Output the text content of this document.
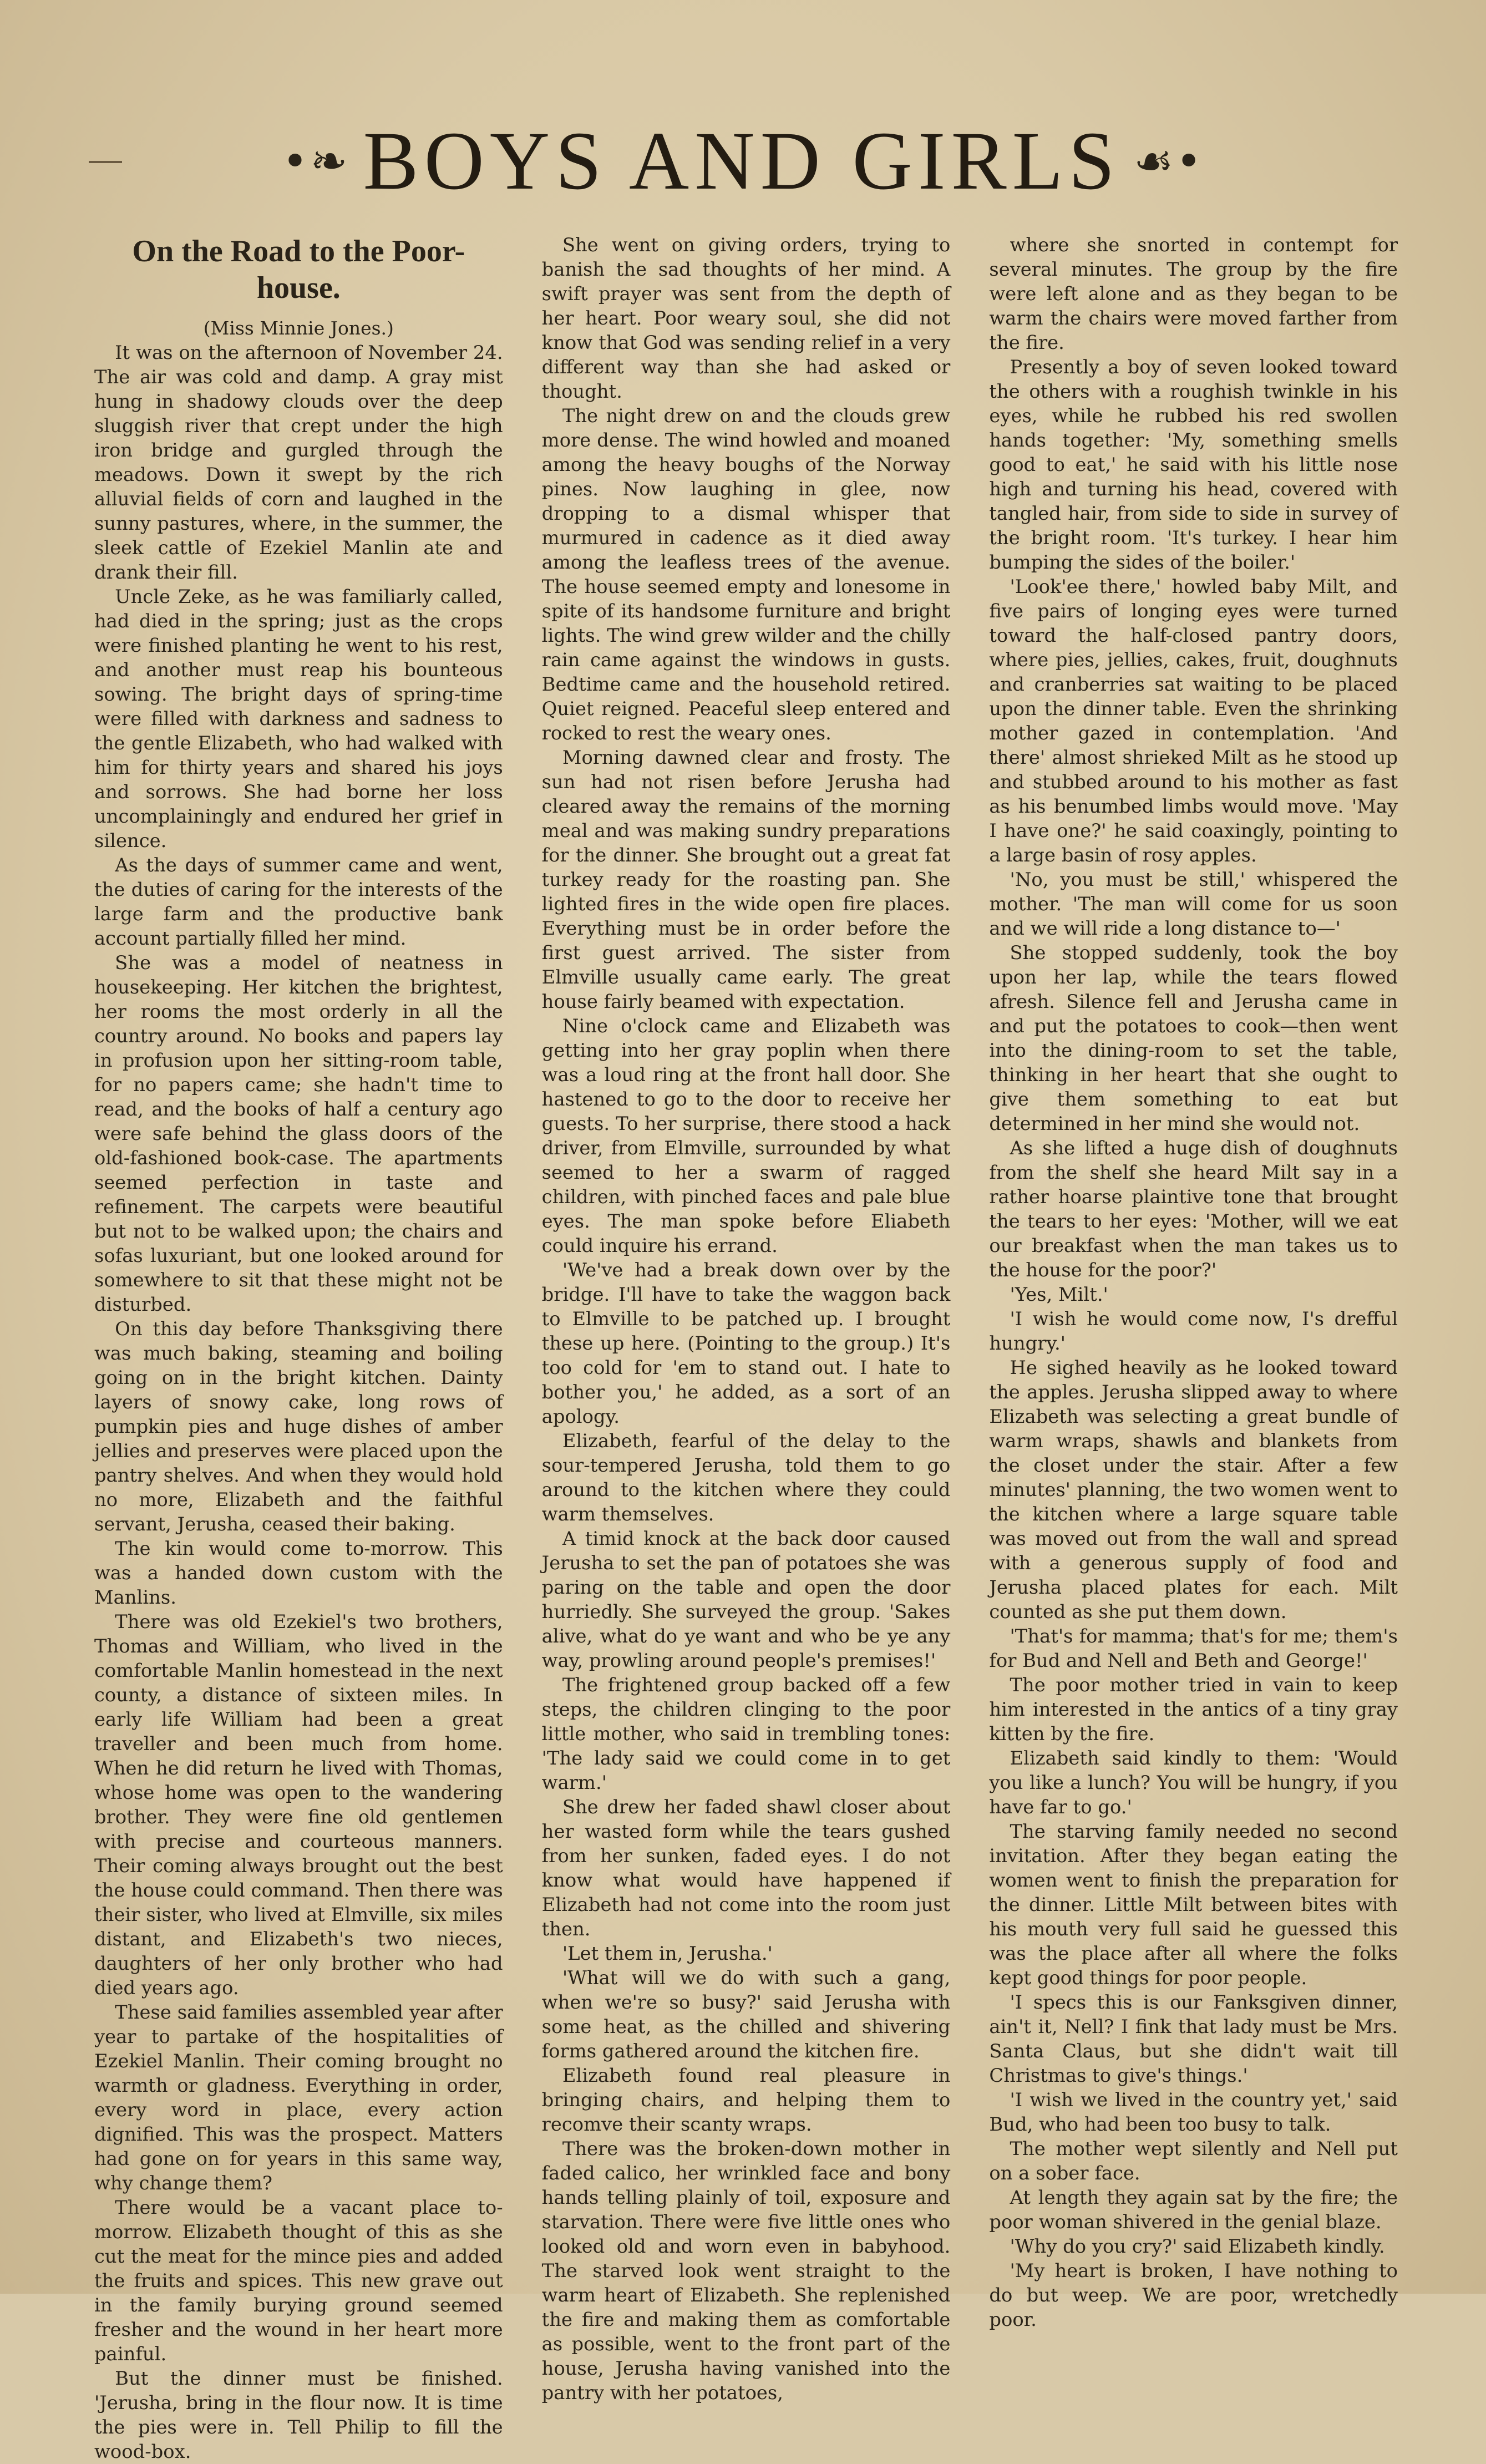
•❧ BOYS AND GIRLS ☙•
On the Road to the Poor-house.

(Miss Minnie Jones.)

It was on the afternoon of November 24. The air was cold and damp. A gray mist hung in shadowy clouds over the deep sluggish river that crept under the high iron bridge and gurgled through the meadows. Down it swept by the rich alluvial fields of corn and laughed in the sunny pastures, where, in the summer, the sleek cattle of Ezekiel Manlin ate and drank their fill.

Uncle Zeke, as he was familiarly called, had died in the spring; just as the crops were finished planting he went to his rest, and another must reap his bounteous sowing. The bright days of spring-time were filled with darkness and sadness to the gentle Elizabeth, who had walked with him for thirty years and shared his joys and sorrows. She had borne her loss uncomplainingly and endured her grief in silence.

As the days of summer came and went, the duties of caring for the interests of the large farm and the productive bank account partially filled her mind.

She was a model of neatness in housekeeping. Her kitchen the brightest, her rooms the most orderly in all the country around. No books and papers lay in profusion upon her sitting-room table, for no papers came; she hadn't time to read, and the books of half a century ago were safe behind the glass doors of the old-fashioned book-case. The apartments seemed perfection in taste and refinement. The carpets were beautiful but not to be walked upon; the chairs and sofas luxuriant, but one looked around for somewhere to sit that these might not be disturbed.

On this day before Thanksgiving there was much baking, steaming and boiling going on in the bright kitchen. Dainty layers of snowy cake, long rows of pumpkin pies and huge dishes of amber jellies and preserves were placed upon the pantry shelves. And when they would hold no more, Elizabeth and the faithful servant, Jerusha, ceased their baking.

The kin would come to-morrow. This was a handed down custom with the Manlins.

There was old Ezekiel's two brothers, Thomas and William, who lived in the comfortable Manlin homestead in the next county, a distance of sixteen miles. In early life William had been a great traveller and been much from home. When he did return he lived with Thomas, whose home was open to the wandering brother. They were fine old gentlemen with precise and courteous manners. Their coming always brought out the best the house could command. Then there was their sister, who lived at Elmville, six miles distant, and Elizabeth's two nieces, daughters of her only brother who had died years ago.

These said families assembled year after year to partake of the hospitalities of Ezekiel Manlin. Their coming brought no warmth or gladness. Everything in order, every word in place, every action dignified. This was the prospect. Matters had gone on for years in this same way, why change them?

There would be a vacant place to-morrow. Elizabeth thought of this as she cut the meat for the mince pies and added the fruits and spices. This new grave out in the family burying ground seemed fresher and the wound in her heart more painful.

But the dinner must be finished. 'Jerusha, bring in the flour now. It is time the pies were in. Tell Philip to fill the wood-box.

She went on giving orders, trying to banish the sad thoughts of her mind. A swift prayer was sent from the depth of her heart. Poor weary soul, she did not know that God was sending relief in a very different way than she had asked or thought.

The night drew on and the clouds grew more dense. The wind howled and moaned among the heavy boughs of the Norway pines. Now laughing in glee, now dropping to a dismal whisper that murmured in cadence as it died away among the leafless trees of the avenue. The house seemed empty and lonesome in spite of its handsome furniture and bright lights. The wind grew wilder and the chilly rain came against the windows in gusts. Bedtime came and the household retired. Quiet reigned. Peaceful sleep entered and rocked to rest the weary ones.

Morning dawned clear and frosty. The sun had not risen before Jerusha had cleared away the remains of the morning meal and was making sundry preparations for the dinner. She brought out a great fat turkey ready for the roasting pan. She lighted fires in the wide open fire places. Everything must be in order before the first guest arrived. The sister from Elmville usually came early. The great house fairly beamed with expectation.

Nine o'clock came and Elizabeth was getting into her gray poplin when there was a loud ring at the front hall door. She hastened to go to the door to receive her guests. To her surprise, there stood a hack driver, from Elmville, surrounded by what seemed to her a swarm of ragged children, with pinched faces and pale blue eyes. The man spoke before Eliabeth could inquire his errand.

'We've had a break down over by the bridge. I'll have to take the waggon back to Elmville to be patched up. I brought these up here. (Pointing to the group.) It's too cold for 'em to stand out. I hate to bother you,' he added, as a sort of an apology.

Elizabeth, fearful of the delay to the sour-tempered Jerusha, told them to go around to the kitchen where they could warm themselves.

A timid knock at the back door caused Jerusha to set the pan of potatoes she was paring on the table and open the door hurriedly. She surveyed the group. 'Sakes alive, what do ye want and who be ye any way, prowling around people's premises!'

The frightened group backed off a few steps, the children clinging to the poor little mother, who said in trembling tones: 'The lady said we could come in to get warm.'

She drew her faded shawl closer about her wasted form while the tears gushed from her sunken, faded eyes. I do not know what would have happened if Elizabeth had not come into the room just then.

'Let them in, Jerusha.'

'What will we do with such a gang, when we're so busy?' said Jerusha with some heat, as the chilled and shivering forms gathered around the kitchen fire.

Elizabeth found real pleasure in bringing chairs, and helping them to recomve their scanty wraps.

There was the broken-down mother in faded calico, her wrinkled face and bony hands telling plainly of toil, exposure and starvation. There were five little ones who looked old and worn even in babyhood. The starved look went straight to the warm heart of Elizabeth. She replenished the fire and making them as comfortable as possible, went to the front part of the house, Jerusha having vanished into the pantry with her potatoes,

where she snorted in contempt for several minutes. The group by the fire were left alone and as they began to be warm the chairs were moved farther from the fire.

Presently a boy of seven looked toward the others with a roughish twinkle in his eyes, while he rubbed his red swollen hands together: 'My, something smells good to eat,' he said with his little nose high and turning his head, covered with tangled hair, from side to side in survey of the bright room. 'It's turkey. I hear him bumping the sides of the boiler.'

'Look'ee there,' howled baby Milt, and five pairs of longing eyes were turned toward the half-closed pantry doors, where pies, jellies, cakes, fruit, doughnuts and cranberries sat waiting to be placed upon the dinner table. Even the shrinking mother gazed in contemplation. 'And there' almost shrieked Milt as he stood up and stubbed around to his mother as fast as his benumbed limbs would move. 'May I have one?' he said coaxingly, pointing to a large basin of rosy apples.

'No, you must be still,' whispered the mother. 'The man will come for us soon and we will ride a long distance to—'

She stopped suddenly, took the boy upon her lap, while the tears flowed afresh. Silence fell and Jerusha came in and put the potatoes to cook—then went into the dining-room to set the table, thinking in her heart that she ought to give them something to eat but determined in her mind she would not.

As she lifted a huge dish of doughnuts from the shelf she heard Milt say in a rather hoarse plaintive tone that brought the tears to her eyes: 'Mother, will we eat our breakfast when the man takes us to the house for the poor?'

'Yes, Milt.'

'I wish he would come now, I's drefful hungry.'

He sighed heavily as he looked toward the apples. Jerusha slipped away to where Elizabeth was selecting a great bundle of warm wraps, shawls and blankets from the closet under the stair. After a few minutes' planning, the two women went to the kitchen where a large square table was moved out from the wall and spread with a generous supply of food and Jerusha placed plates for each. Milt counted as she put them down.

'That's for mamma; that's for me; them's for Bud and Nell and Beth and George!'

The poor mother tried in vain to keep him interested in the antics of a tiny gray kitten by the fire.

Elizabeth said kindly to them: 'Would you like a lunch? You will be hungry, if you have far to go.'

The starving family needed no second invitation. After they began eating the women went to finish the preparation for the dinner. Little Milt between bites with his mouth very full said he guessed this was the place after all where the folks kept good things for poor people.

'I specs this is our Fanksgiven dinner, ain't it, Nell? I fink that lady must be Mrs. Santa Claus, but she didn't wait till Christmas to give's things.'

'I wish we lived in the country yet,' said Bud, who had been too busy to talk.

The mother wept silently and Nell put on a sober face.

At length they again sat by the fire; the poor woman shivered in the genial blaze.

'Why do you cry?' said Elizabeth kindly.

'My heart is broken, I have nothing to do but weep. We are poor, wretchedly poor.
